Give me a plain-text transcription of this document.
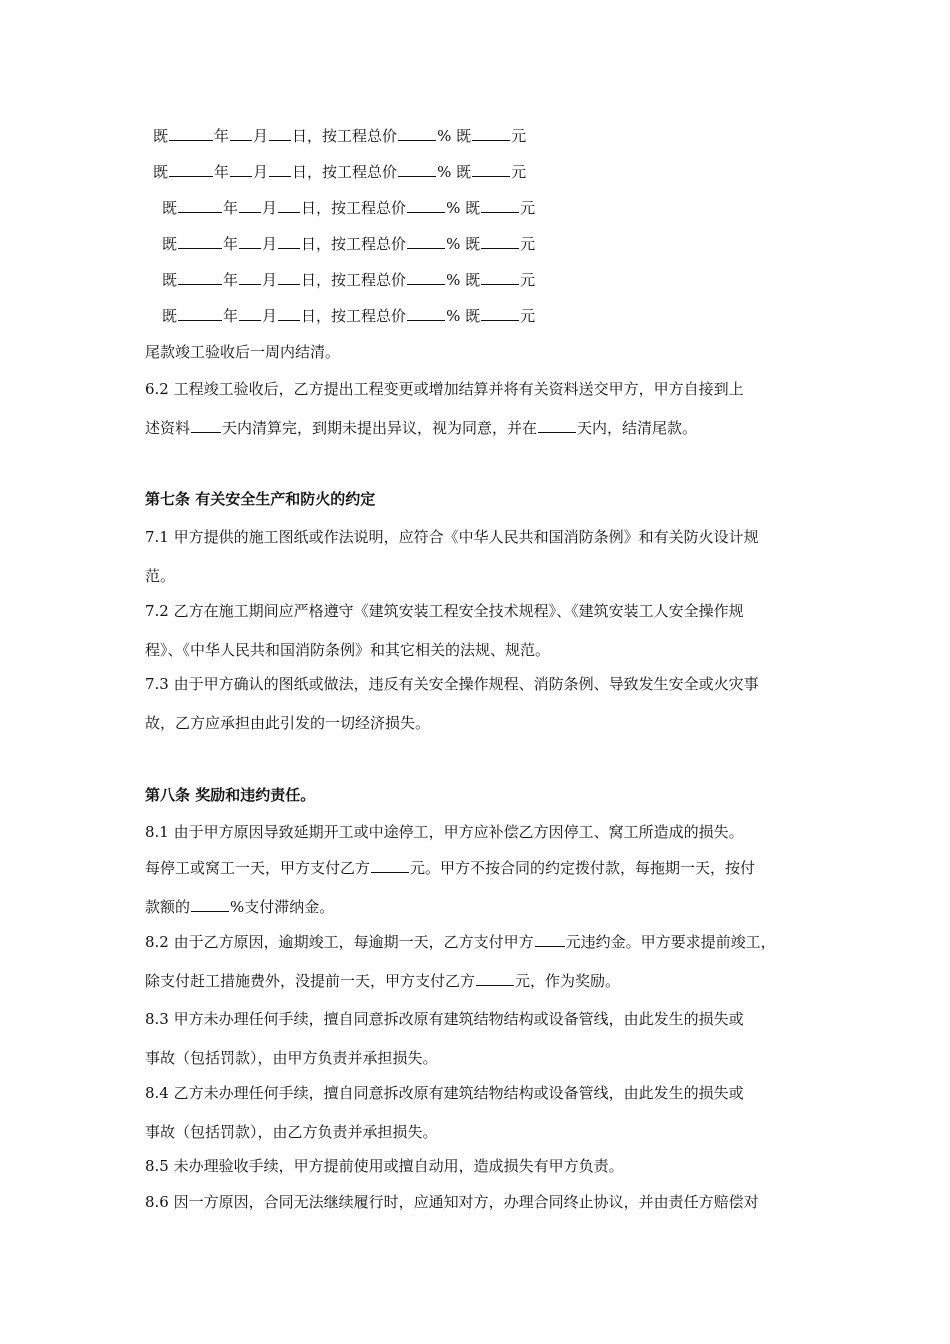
既	年 月 日，按工程总价	% 既	元
既	年 月 日，按工程总价	% 既	元
既	年 月 日，按工程总价	% 既	元
既	年 月 日，按工程总价	% 既	元
既	年 月 日，按工程总价	% 既	元
既	年 月 日，按工程总价	% 既	元
尾款竣工验收后一周内结清。
6.2 工程竣工验收后，乙方提出工程变更或增加结算并将有关资料送交甲方，甲方自接到上
述资料 天内清算完，到期未提出异议，视为同意，并在	天内，结清尾款。
第七条 有关安全生产和防火的约定
7.1 甲方提供的施工图纸或作法说明，应符合《中华人民共和国消防条例》和有关防火设计规
范。
7.2 乙方在施工期间应严格遵守《建筑安装工程安全技术规程》、《建筑安装工人安全操作规
程》、《中华人民共和国消防条例》和其它相关的法规、规范。
7.3 由于甲方确认的图纸或做法，违反有关安全操作规程、消防条例、导致发生安全或火灾事
故，乙方应承担由此引发的一切经济损失。
第八条 奖励和违约责任。
8.1 由于甲方原因导致延期开工或中途停工，甲方应补偿乙方因停工、窝工所造成的损失。
每停工或窝工一天，甲方支付乙方	元。甲方不按合同的约定拨付款，每拖期一天，按付
款额的	%支付滞纳金。
8.2 由于乙方原因，逾期竣工，每逾期一天，乙方支付甲方 元违约金。甲方要求提前竣工，
除支付赶工措施费外，没提前一天，甲方支付乙方	元，作为奖励。
8.3 甲方未办理任何手续，擅自同意拆改原有建筑结物结构或设备管线，由此发生的损失或
事故（包括罚款），由甲方负责并承担损失。
8.4 乙方未办理任何手续，擅自同意拆改原有建筑结物结构或设备管线，由此发生的损失或
事故（包括罚款），由乙方负责并承担损失。
8.5 未办理验收手续，甲方提前使用或擅自动用，造成损失有甲方负责。
8.6 因一方原因，合同无法继续履行时，应通知对方，办理合同终止协议，并由责任方赔偿对
